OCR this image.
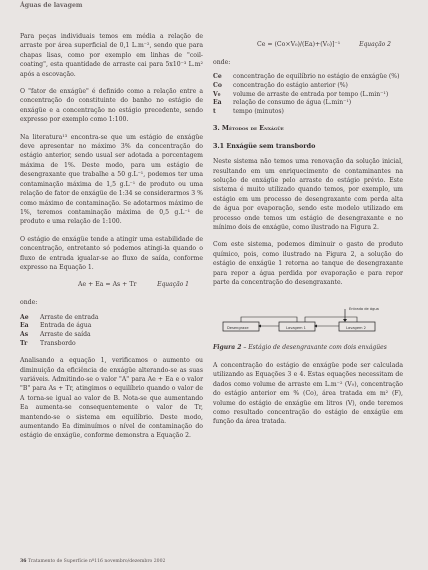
Águas de lavagem

Para peças individuais temos em média a relação de arraste por área superficial de 0,1 L.m⁻², sendo que para chapas lisas, como por exemplo em linhas de "coil-coating", esta quantidade de arraste cai para 5x10⁻³ L.m² após a escovação.

O "fator de enxágüe" é definido como a relação entre a concentração do constituinte do banho no estágio de enxágüe e a concentração no estágio precedente, sendo expresso por exemplo como 1:100.

Na literatura¹³ encontra-se que um estágio de enxágüe deve apresentar no máximo 3% da concentração do estágio anterior, sendo usual ser adotada a porcentagem máxima de 1%. Deste modo, para um estágio de desengraxante que trabalhe a 50 g.L⁻¹, podemos ter uma contaminação máxima de 1,5 g.L⁻¹ de produto ou uma relação de fator de enxágüe de 1:34 se considerarmos 3 % como máximo de contaminação. Se adotarmos máximo de 1%, teremos contaminação máxima de 0,5 g.L⁻¹ de produto e uma relação de 1:100.

O estágio de enxágüe tende a atingir uma estabilidade de concentração, entretanto só podemos atingi-la quando o fluxo de entrada igualar-se ao fluxo de saída, conforme expresso na Equação 1.

Ae + Ea = As + Tr	Equação 1
onde:
Ae	Arraste de entrada
Ea	Entrada de água
As	Arraste de saída
Tr	Transbordo

Analisando a equação 1, verificamos o aumento ou diminuição da eficiência de enxágüe alterando-se as suas variáveis. Admitindo-se o valor "A" para Ae + Ea e o valor "B" para As + Tr, atingimos o equilíbrio quando o valor de A torna-se igual ao valor de B. Nota-se que aumentando Ea aumenta-se consequentemente o valor de Tr, mantendo-se o sistema em equilíbrio. Deste modo, aumentando Ea diminuímos o nível de contaminação do estágio de enxágüe, conforme demonstra a Equação 2.

Ce = (Co×V₀)/(Ea)+(V₀)]⁻¹	Equação 2
onde:
Ce	concentração de equilíbrio no estágio de enxágüe (%)
Co	concentração do estágio anterior (%)
V₀	volume de arraste de entrada por tempo (L.min⁻¹)
Ea	relação de consumo de água (L.min⁻¹)
t	tempo (minutos)
3. Métodos de Enxágüe
3.1 Enxágüe sem transbordo

Neste sistema não temos uma renovação da solução inicial, resultando em um enriquecimento de contaminantes na solução de enxágüe pelo arraste do estágio prévio. Este sistema é muito utilizado quando temos, por exemplo, um estágio em um processo de desengraxante com perda alta de água por evaporação, sendo este modelo utilizado em processo onde temos um estágio de desengraxante e no mínimo dois de enxágüe, como ilustrado na Figura 2.

Com este sistema, podemos diminuir o gasto de produto químico, pois, como ilustrado na Figura 2, a solução do estágio de enxágüe 1 retorna ao tanque de desengraxante para repor a água perdida por evaporação e para repor parte da concentração do desengraxante.

Entrada de água
Desengraxe	Lavagem 1	Lavagem 2

Figura 2 – Estágio de desengraxante com dois enxágües

A concentração do estágio de enxágüe pode ser calculada utilizando as Equações 3 e 4. Estas equações necessitam de dados como volume de arraste em L.m⁻² (V₀), concentração do estágio anterior em % (Co), área tratada em m² (F), volume do estágio de enxágüe em litros (V), onde teremos como resultado concentração do estágio de enxágüe em função da área tratada.

36 Tratamento de Superfície nº116 novembro/dezembro 2002
